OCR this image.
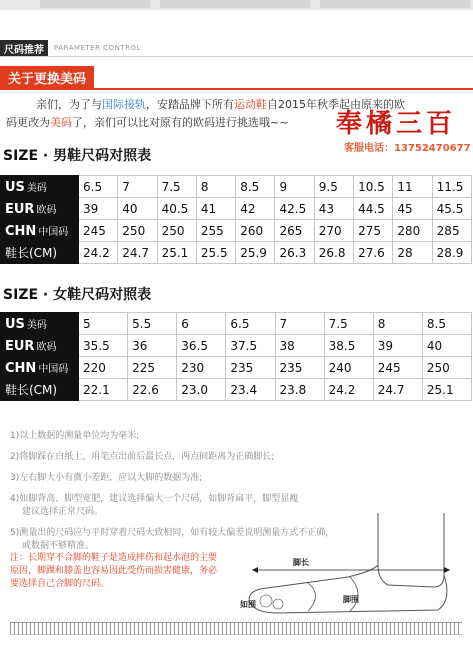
尺码推荐	PARAMETER CONTROL
关于更换美码

亲们，为了与国际接轨，安踏品牌下所有运动鞋自2015年秋季起由原来的欧

码更改为美码了，亲们可以比对原有的欧码进行挑选哦~~	奉橘三百
客服电话：13752470677
SIZE · 男鞋尺码对照表
US 美码	6.5	7	7.5	8	8.5	9	9.5	10.5	11	11.5
EUR 欧码	39	40	40.5	41	42	42.5	43	44.5	45	45.5
CHN 中国码	245	250	250	255	260	265	270	275	280	285
鞋长(CM)	24.2	24.7	25.1	25.5	25.9	26.3	26.8	27.6	28	28.9
SIZE · 女鞋尺码对照表
US 美码	5	5.5	6	6.5	7	7.5	8	8.5
EUR 欧码	35.5	36	36.5	37.5	38	38.5	39	40
CHN 中国码	220	225	230	235	235	240	245	250
鞋长(CM)	22.1	22.6	23.0	23.4	23.8	24.2	24.7	25.1

1)以上数据的测量单位均为毫米;

2)将脚踩在白纸上，用笔点出前后最长点，两点间距离为正确脚长;

3)左右脚大小有微小差距，应以大脚的数据为准;

4)如脚背高、脚型宽肥，建议选择偏大一个尺码，如脚背扁平，脚型显瘦

建议选择正常尺码。

5)测量出的尺码应与平时穿着尺码大致相同，如有较大偏差说明测量方式不正确，

或数据不够精准。

注：长期穿不合脚的鞋子是造成摔伤和起水泡的主要

原因，脚踝和膝盖也容易因此受伤而损害健康，务必

要选择自己合脚的尺码。

脚长
如围
脚围
